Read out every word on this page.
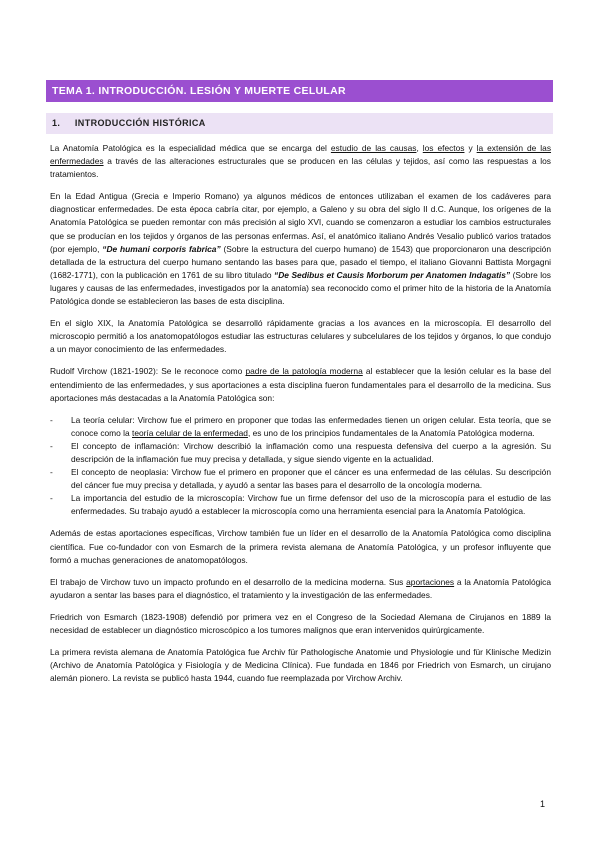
TEMA 1. INTRODUCCIÓN. LESIÓN Y MUERTE CELULAR
1. INTRODUCCIÓN HISTÓRICA

La Anatomía Patológica es la especialidad médica que se encarga del estudio de las causas, los efectos y la extensión de las enfermedades a través de las alteraciones estructurales que se producen en las células y tejidos, así como las respuestas a los tratamientos.

En la Edad Antigua (Grecia e Imperio Romano) ya algunos médicos de entonces utilizaban el examen de los cadáveres para diagnosticar enfermedades. De esta época cabría citar, por ejemplo, a Galeno y su obra del siglo II d.C. Aunque, los orígenes de la Anatomía Patológica se pueden remontar con más precisión al siglo XVI, cuando se comenzaron a estudiar los cambios estructurales que se producían en los tejidos y órganos de las personas enfermas. Así, el anatómico italiano Andrés Vesalio publicó varios tratados (por ejemplo, “De humani corporis fabrica” (Sobre la estructura del cuerpo humano) de 1543) que proporcionaron una descripción detallada de la estructura del cuerpo humano sentando las bases para que, pasado el tiempo, el italiano Giovanni Battista Morgagni (1682-1771), con la publicación en 1761 de su libro titulado “De Sedibus et Causis Morborum per Anatomen Indagatis” (Sobre los lugares y causas de las enfermedades, investigados por la anatomía) sea reconocido como el primer hito de la historia de la Anatomía Patológica donde se establecieron las bases de esta disciplina.

En el siglo XIX, la Anatomía Patológica se desarrolló rápidamente gracias a los avances en la microscopía. El desarrollo del microscopio permitió a los anatomopatólogos estudiar las estructuras celulares y subcelulares de los tejidos y órganos, lo que condujo a un mayor conocimiento de las enfermedades.

Rudolf Virchow (1821-1902): Se le reconoce como padre de la patología moderna al establecer que la lesión celular es la base del entendimiento de las enfermedades, y sus aportaciones a esta disciplina fueron fundamentales para el desarrollo de la medicina. Sus aportaciones más destacadas a la Anatomía Patológica son:

- La teoría celular: Virchow fue el primero en proponer que todas las enfermedades tienen un origen celular. Esta teoría, que se conoce como la teoría celular de la enfermedad, es uno de los principios fundamentales de la Anatomía Patológica moderna.
- El concepto de inflamación: Virchow describió la inflamación como una respuesta defensiva del cuerpo a la agresión. Su descripción de la inflamación fue muy precisa y detallada, y sigue siendo vigente en la actualidad.
- El concepto de neoplasia: Virchow fue el primero en proponer que el cáncer es una enfermedad de las células. Su descripción del cáncer fue muy precisa y detallada, y ayudó a sentar las bases para el desarrollo de la oncología moderna.
- La importancia del estudio de la microscopía: Virchow fue un firme defensor del uso de la microscopía para el estudio de las enfermedades. Su trabajo ayudó a establecer la microscopía como una herramienta esencial para la Anatomía Patológica.

Además de estas aportaciones específicas, Virchow también fue un líder en el desarrollo de la Anatomía Patológica como disciplina científica. Fue co-fundador con von Esmarch de la primera revista alemana de Anatomía Patológica, y un profesor influyente que formó a muchas generaciones de anatomopatólogos.

El trabajo de Virchow tuvo un impacto profundo en el desarrollo de la medicina moderna. Sus aportaciones a la Anatomía Patológica ayudaron a sentar las bases para el diagnóstico, el tratamiento y la investigación de las enfermedades.

Friedrich von Esmarch (1823-1908) defendió por primera vez en el Congreso de la Sociedad Alemana de Cirujanos en 1889 la necesidad de establecer un diagnóstico microscópico a los tumores malignos que eran intervenidos quirúrgicamente.

La primera revista alemana de Anatomía Patológica fue Archiv für Pathologische Anatomie und Physiologie und für Klinische Medizin (Archivo de Anatomía Patológica y Fisiología y de Medicina Clínica). Fue fundada en 1846 por Friedrich von Esmarch, un cirujano alemán pionero. La revista se publicó hasta 1944, cuando fue reemplazada por Virchow Archiv.

1
